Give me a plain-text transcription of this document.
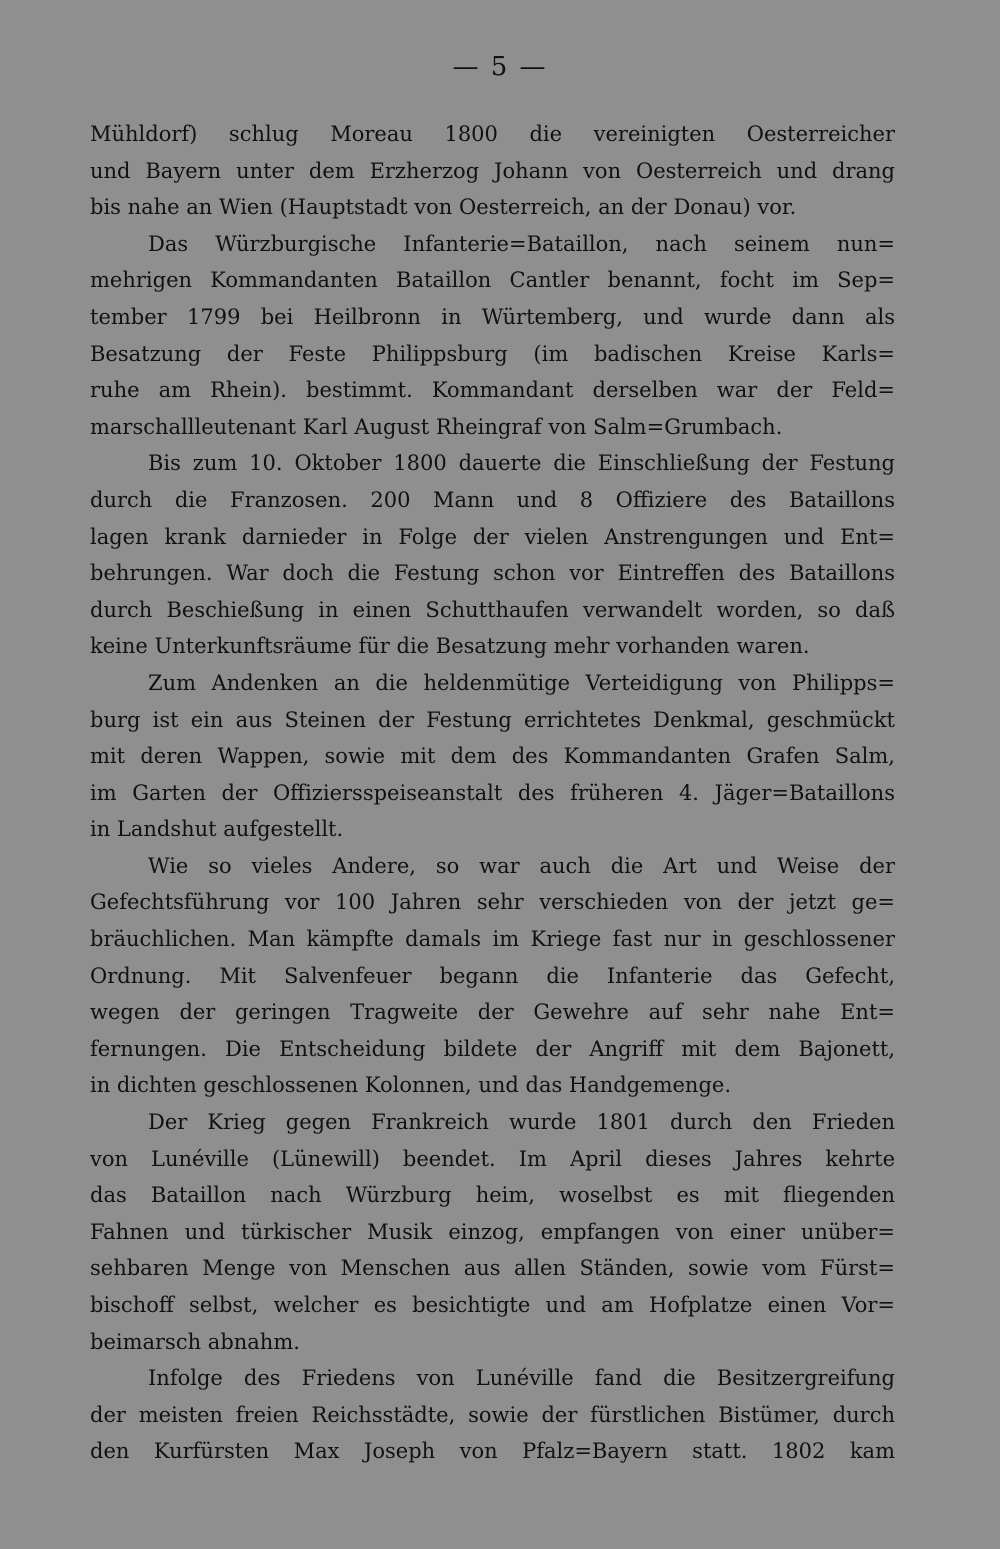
— 5 —
Mühldorf) schlug Moreau 1800 die vereinigten Oesterreicher
und Bayern unter dem Erzherzog Johann von Oesterreich und drang
bis nahe an Wien (Hauptstadt von Oesterreich, an der Donau) vor.
Das Würzburgische Infanterie=Bataillon, nach seinem nun=
mehrigen Kommandanten Bataillon Cantler benannt, focht im Sep=
tember 1799 bei Heilbronn in Würtemberg, und wurde dann als
Besatzung der Feste Philippsburg (im badischen Kreise Karls=
ruhe am Rhein). bestimmt. Kommandant derselben war der Feld=
marschallleutenant Karl August Rheingraf von Salm=Grumbach.
Bis zum 10. Oktober 1800 dauerte die Einschließung der Festung
durch die Franzosen. 200 Mann und 8 Offiziere des Bataillons
lagen krank darnieder in Folge der vielen Anstrengungen und Ent=
behrungen. War doch die Festung schon vor Eintreffen des Bataillons
durch Beschießung in einen Schutthaufen verwandelt worden, so daß
keine Unterkunftsräume für die Besatzung mehr vorhanden waren.
Zum Andenken an die heldenmütige Verteidigung von Philipps=
burg ist ein aus Steinen der Festung errichtetes Denkmal, geschmückt
mit deren Wappen, sowie mit dem des Kommandanten Grafen Salm,
im Garten der Offiziersspeiseanstalt des früheren 4. Jäger=Bataillons
in Landshut aufgestellt.
Wie so vieles Andere, so war auch die Art und Weise der
Gefechtsführung vor 100 Jahren sehr verschieden von der jetzt ge=
bräuchlichen. Man kämpfte damals im Kriege fast nur in geschlossener
Ordnung. Mit Salvenfeuer begann die Infanterie das Gefecht,
wegen der geringen Tragweite der Gewehre auf sehr nahe Ent=
fernungen. Die Entscheidung bildete der Angriff mit dem Bajonett,
in dichten geschlossenen Kolonnen, und das Handgemenge.
Der Krieg gegen Frankreich wurde 1801 durch den Frieden
von Lunéville (Lünewill) beendet. Im April dieses Jahres kehrte
das Bataillon nach Würzburg heim, woselbst es mit fliegenden
Fahnen und türkischer Musik einzog, empfangen von einer unüber=
sehbaren Menge von Menschen aus allen Ständen, sowie vom Fürst=
bischoff selbst, welcher es besichtigte und am Hofplatze einen Vor=
beimarsch abnahm.
Infolge des Friedens von Lunéville fand die Besitzergreifung
der meisten freien Reichsstädte, sowie der fürstlichen Bistümer, durch
den Kurfürsten Max Joseph von Pfalz=Bayern statt. 1802 kam
